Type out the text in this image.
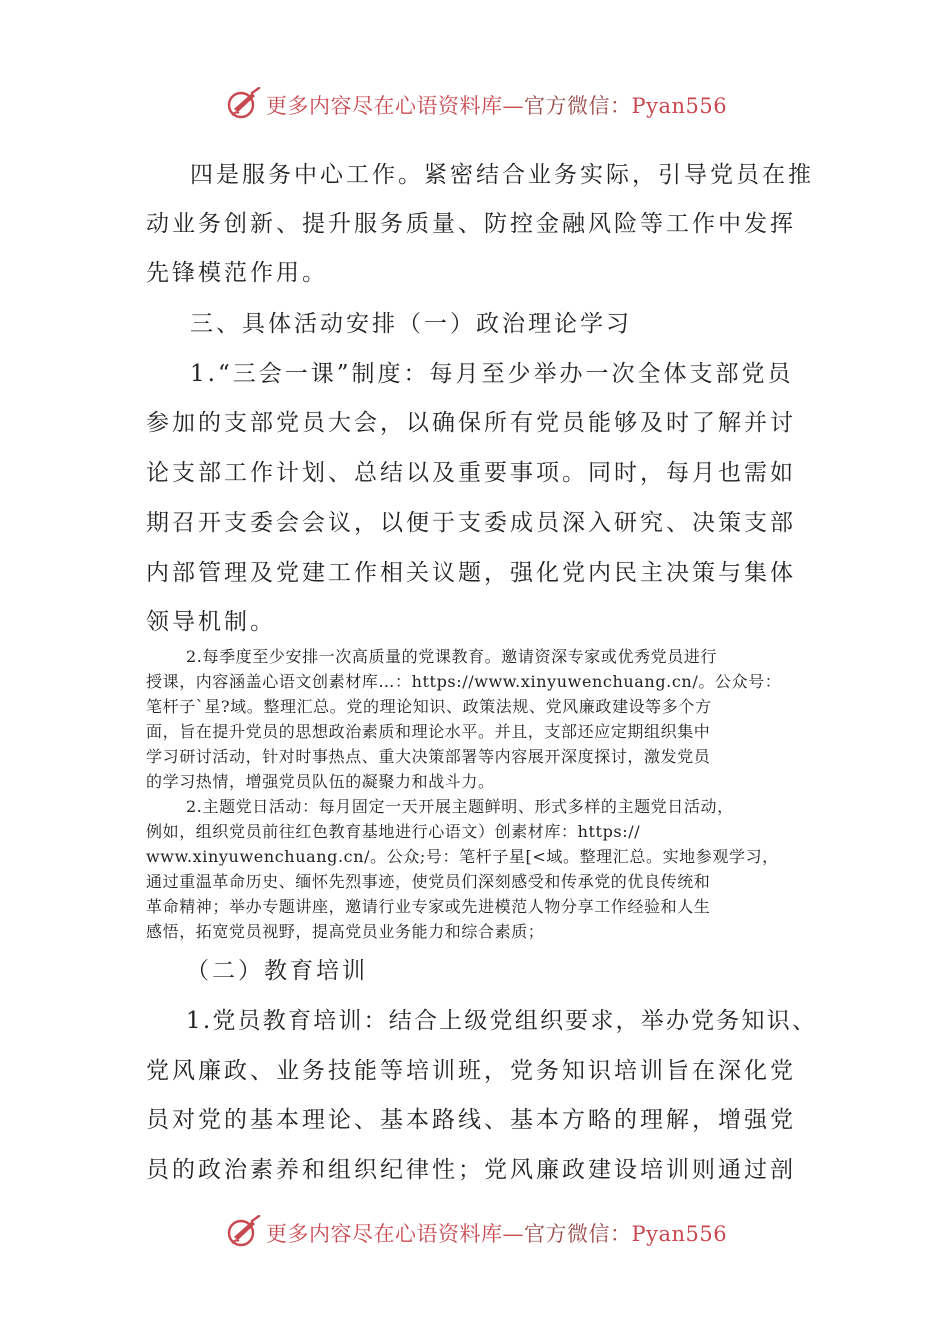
更多内容尽在心语资料库—官方微信：Pyan556
四是服务中心工作。紧密结合业务实际，引导党员在推
动业务创新、提升服务质量、防控金融风险等工作中发挥
先锋模范作用。
三、具体活动安排（一）政治理论学习
1.“三会一课”制度：每月至少举办一次全体支部党员
参加的支部党员大会，以确保所有党员能够及时了解并讨
论支部工作计划、总结以及重要事项。同时，每月也需如
期召开支委会会议，以便于支委成员深入研究、决策支部
内部管理及党建工作相关议题，强化党内民主决策与集体
领导机制。
2.每季度至少安排一次高质量的党课教育。邀请资深专家或优秀党员进行
授课，内容涵盖心语文创素材库…：https://www.xinyuwenchuang.cn/。公众号：
笔杆子`星?域。整理汇总。党的理论知识、政策法规、党风廉政建设等多个方
面，旨在提升党员的思想政治素质和理论水平。并且，支部还应定期组织集中
学习研讨活动，针对时事热点、重大决策部署等内容展开深度探讨，激发党员
的学习热情，增强党员队伍的凝聚力和战斗力。
2.主题党日活动：每月固定一天开展主题鲜明、形式多样的主题党日活动，
例如，组织党员前往红色教育基地进行心语文）创素材库：https://
www.xinyuwenchuang.cn/。公众;号：笔杆子星[<域。整理汇总。实地参观学习，
通过重温革命历史、缅怀先烈事迹，使党员们深刻感受和传承党的优良传统和
革命精神；举办专题讲座，邀请行业专家或先进模范人物分享工作经验和人生
感悟，拓宽党员视野，提高党员业务能力和综合素质；
（二）教育培训
1.党员教育培训：结合上级党组织要求，举办党务知识、
党风廉政、业务技能等培训班，党务知识培训旨在深化党
员对党的基本理论、基本路线、基本方略的理解，增强党
员的政治素养和组织纪律性；党风廉政建设培训则通过剖
更多内容尽在心语资料库—官方微信：Pyan556
